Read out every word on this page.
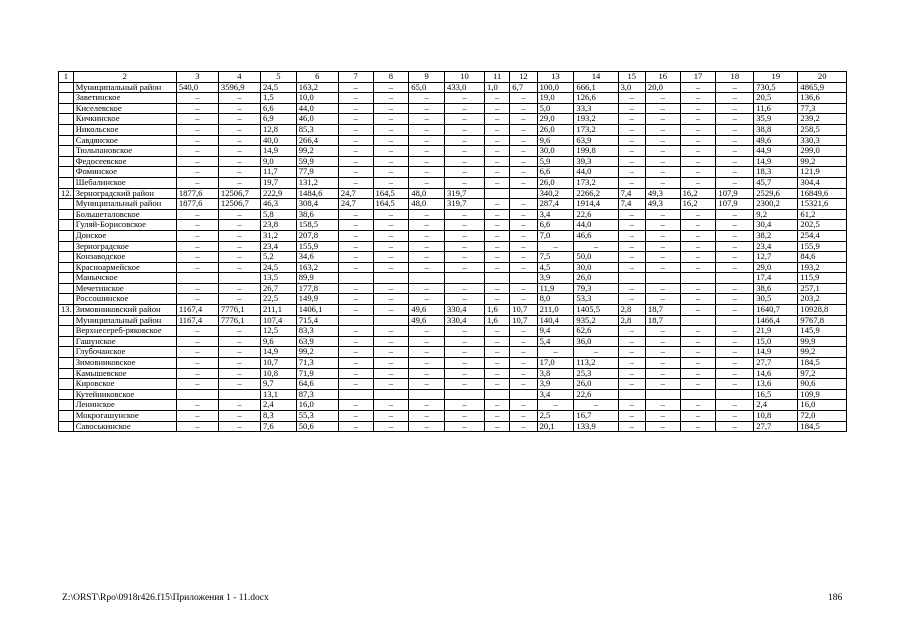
1	2	3	4	5	6	7	8	9	10	11	12	13	14	15	16	17	18	19	20
	Муниципальный район	540,0	3596,9	24,5	163,2	–	–	65,0	433,0	1,0	6,7	100,0	666,1	3,0	20,0	–	–	730,5	4865,9
	Заветинское	–	–	1,5	10,0	–	–	–	–	–	–	19,0	126,6	–	–	–	–	20,5	136,6
	Киселевское	–	–	6,6	44,0	–	–	–	–	–	–	5,0	33,3	–	–	–	–	11,6	77,3
	Кичкинское	–	–	6,9	46,0	–	–	–	–	–	–	29,0	193,2	–	–	–	–	35,9	239,2
	Никольское	–	–	12,8	85,3	–	–	–	–	–	–	26,0	173,2	–	–	–	–	38,8	258,5
	Савдянское	–	–	40,0	266,4	–	–	–	–	–	–	9,6	63,9	–	–	–	–	49,6	330,3
	Тюльпановское	–	–	14,9	99,2	–	–	–	–	–	–	30,0	199,8	–	–	–	–	44,9	299,0
	Федосеевское	–	–	9,0	59,9	–	–	–	–	–	–	5,9	39,3	–	–	–	–	14,9	99,2
	Фоминское	–	–	11,7	77,9	–	–	–	–	–	–	6,6	44,0	–	–	–	–	18,3	121,9
	Шебалинское	–	–	19,7	131,2	–	–	–	–	–	–	26,0	173,2	–	–	–	–	45,7	304,4
12.	Зерноградский район	1877,6	12506,7	222,9	1484,6	24,7	164,5	48,0	319,7			340,2	2266,2	7,4	49,3	16,2	107,9	2529,6	16849,6
	Муниципальный район	1877,6	12506,7	46,3	308,4	24,7	164,5	48,0	319,7	–	–	287,4	1914,4	7,4	49,3	16,2	107,9	2300,2	15321,6
	Большеталовское	–	–	5,8	38,6	–	–	–	–	–	–	3,4	22,6	–	–	–	–	9,2	61,2
	Гуляй-Борисовское	–	–	23,8	158,5	–	–	–	–	–	–	6,6	44,0	–	–	–	–	30,4	202,5
	Донское	–	–	31,2	207,8	–	–	–	–	–	–	7,0	46,6	–	–	–	–	38,2	254,4
	Зерноградское	–	–	23,4	155,9	–	–	–	–	–	–	–	–	–	–	–	–	23,4	155,9
	Конзаводское	–	–	5,2	34,6	–	–	–	–	–	–	7,5	50,0	–	–	–	–	12,7	84,6
	Красноармейское	–	–	24,5	163,2	–	–	–	–	–	–	4,5	30,0	–	–	–	–	29,0	193,2
	Манычское			13,5	89,9							3,9	26,0					17,4	115,9
	Мечетинское	–	–	26,7	177,8	–	–	–	–	–	–	11,9	79,3	–	–	–	–	38,6	257,1
	Россошинское	–	–	22,5	149,9	–	–	–	–	–	–	8,0	53,3	–	–	–	–	30,5	203,2
13.	Зимовниковский район	1167,4	7776,1	211,1	1406,1	–	–	49,6	330,4	1,6	10,7	211,0	1405,5	2,8	18,7	–	–	1640,7	10928,8
	Муниципальный район	1167,4	7776,1	107,4	715,4			49,6	330,4	1,6	10,7	140,4	935,2	2,8	18,7			1466,4	9767,8
	Верхнесереб-ряковское	–	–	12,5	83,3	–	–	–	–	–	–	9,4	62,6	–	–	–	–	21,9	145,9
	Гашунское	–	–	9,6	63,9	–	–	–	–	–	–	5,4	36,0	–	–	–	–	15,0	99,9
	Глубочанское	–	–	14,9	99,2	–	–	–	–	–	–	–	–	–	–	–	–	14,9	99,2
	Зимовниковское	–	–	10,7	71,3	–	–	–	–	–	–	17,0	113,2	–	–	–	–	27,7	184,5
	Камышевское	–	–	10,8	71,9	–	–	–	–	–	–	3,8	25,3	–	–	–	–	14,6	97,2
	Кировское	–	–	9,7	64,6	–	–	–	–	–	–	3,9	26,0	–	–	–	–	13,6	90,6
	Кутейниковское			13,1	87,3							3,4	22,6					16,5	109,9
	Ленинское	–	–	2,4	16,0	–	–	–	–	–	–	–	–	–	–	–	–	2,4	16,0
	Мокрогашунское	–	–	8,3	55,3	–	–	–	–	–	–	2,5	16,7	–	–	–	–	10,8	72,0
	Савоськинское	–	–	7,6	50,6	–	–	–	–	–	–	20,1	133,9	–	–	–	–	27,7	184,5
Z:\ORST\Rpo\0918r426.f15\Приложения 1 - 11.docx	186
